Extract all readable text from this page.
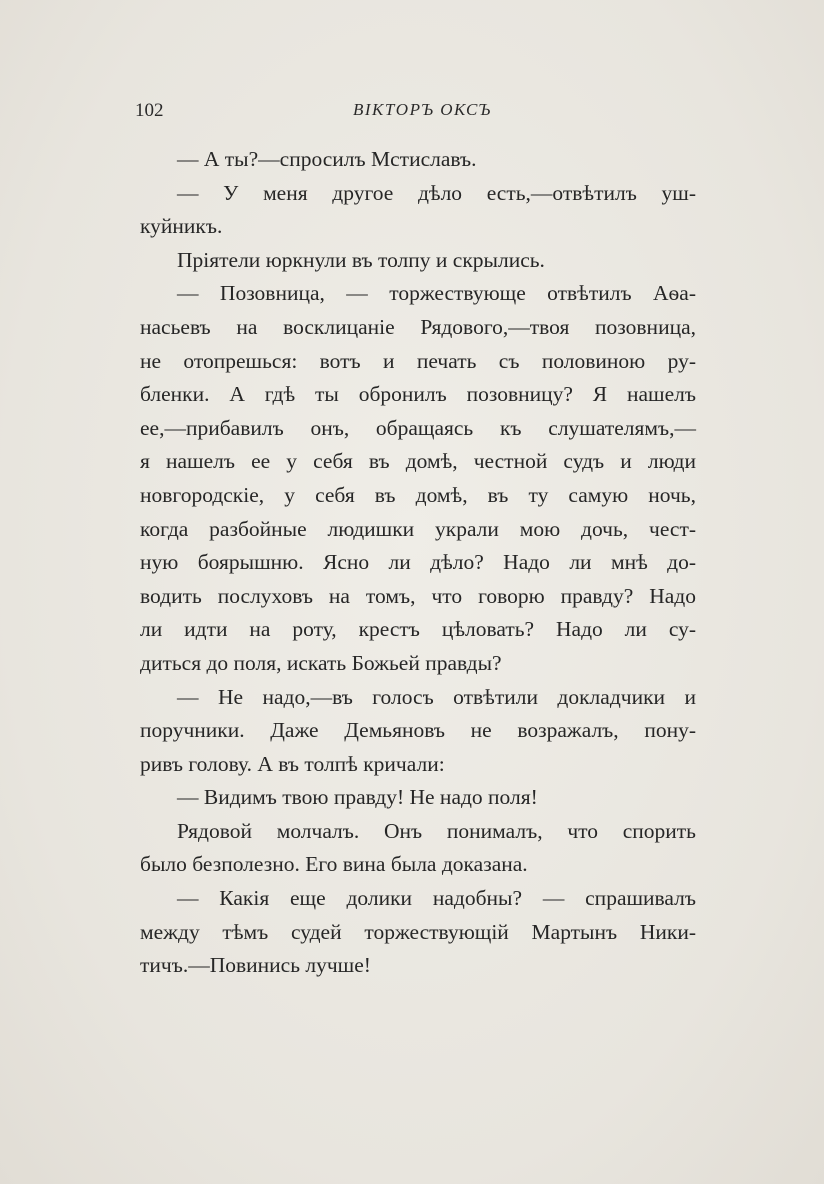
102	ВIКТОРЪ ОКСЪ
— А ты?—спросилъ Мстиславъ.
— У меня другое дѣло есть,—отвѣтилъ уш-
куйникъ.
Пріятели юркнули въ толпу и скрылись.
— Позовница, — торжествующе отвѣтилъ Аѳа-
насьевъ на восклицаніе Рядового,—твоя позовница,
не отопрешься: вотъ и печать съ половиною ру-
бленки. А гдѣ ты обронилъ позовницу? Я нашелъ
ее,—прибавилъ онъ, обращаясь къ слушателямъ,—
я нашелъ ее у себя въ домѣ, честной судъ и люди
новгородскіе, у себя въ домѣ, въ ту самую ночь,
когда разбойные людишки украли мою дочь, чест-
ную боярышню. Ясно ли дѣло? Надо ли мнѣ до-
водить послуховъ на томъ, что говорю правду? Надо
ли идти на роту, крестъ цѣловать? Надо ли су-
диться до поля, искать Божьей правды?
— Не надо,—въ голосъ отвѣтили докладчики и
поручники. Даже Демьяновъ не возражалъ, пону-
ривъ голову. А въ толпѣ кричали:
— Видимъ твою правду! Не надо поля!
Рядовой молчалъ. Онъ понималъ, что спорить
было безполезно. Его вина была доказана.
— Какія еще долики надобны? — спрашивалъ
между тѣмъ судей торжествующій Мартынъ Ники-
тичъ.—Повинись лучше!
